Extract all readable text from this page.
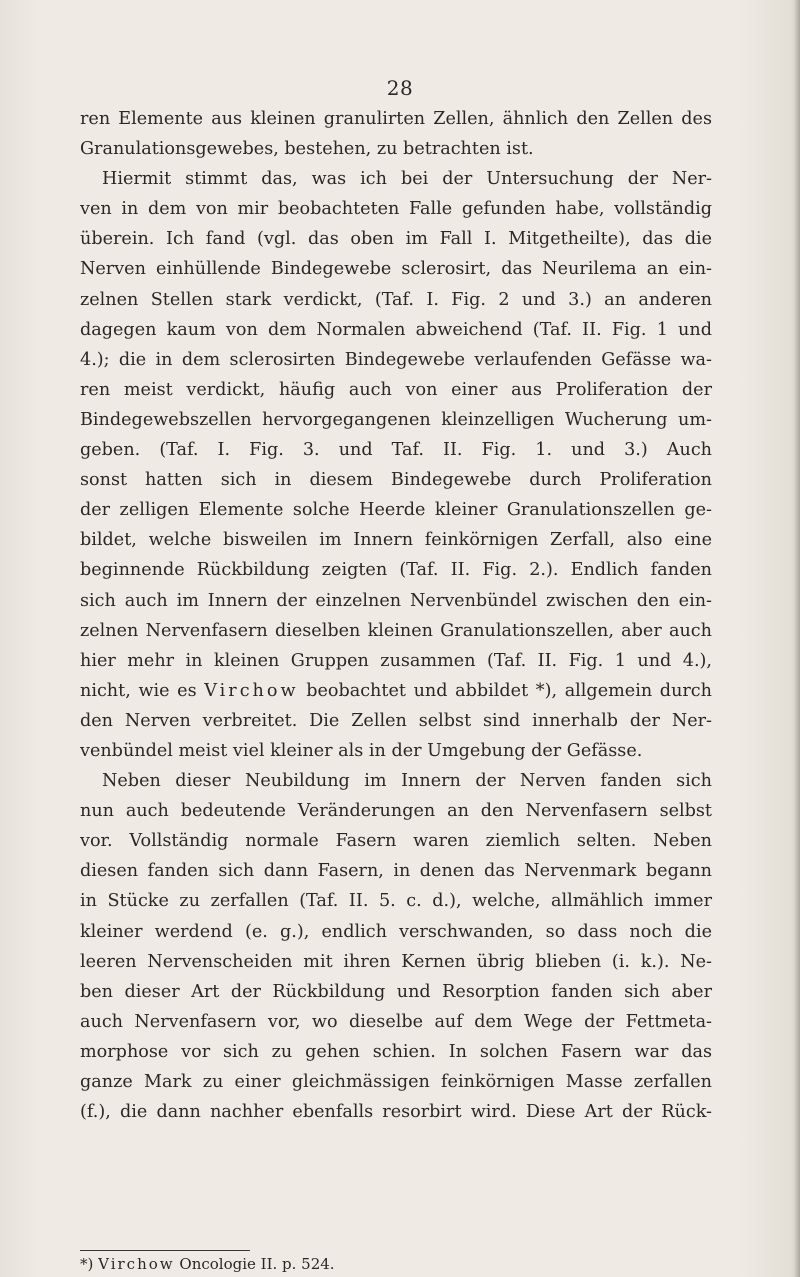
28
ren Elemente aus kleinen granulirten Zellen, ähnlich den Zellen des
Granulationsgewebes, bestehen, zu betrachten ist.
Hiermit stimmt das, was ich bei der Untersuchung der Ner-
ven in dem von mir beobachteten Falle gefunden habe, vollständig
überein. Ich fand (vgl. das oben im Fall I. Mitgetheilte), das die
Nerven einhüllende Bindegewebe sclerosirt, das Neurilema an ein-
zelnen Stellen stark verdickt, (Taf. I. Fig. 2 und 3.) an anderen
dagegen kaum von dem Normalen abweichend (Taf. II. Fig. 1 und
4.); die in dem sclerosirten Bindegewebe verlaufenden Gefässe wa-
ren meist verdickt, häufig auch von einer aus Proliferation der
Bindegewebszellen hervorgegangenen kleinzelligen Wucherung um-
geben. (Taf. I. Fig. 3. und Taf. II. Fig. 1. und 3.) Auch
sonst hatten sich in diesem Bindegewebe durch Proliferation
der zelligen Elemente solche Heerde kleiner Granulationszellen ge-
bildet, welche bisweilen im Innern feinkörnigen Zerfall, also eine
beginnende Rückbildung zeigten (Taf. II. Fig. 2.). Endlich fanden
sich auch im Innern der einzelnen Nervenbündel zwischen den ein-
zelnen Nervenfasern dieselben kleinen Granulationszellen, aber auch
hier mehr in kleinen Gruppen zusammen (Taf. II. Fig. 1 und 4.),
nicht, wie es Virchow beobachtet und abbildet *), allgemein durch
den Nerven verbreitet. Die Zellen selbst sind innerhalb der Ner-
venbündel meist viel kleiner als in der Umgebung der Gefässe.
Neben dieser Neubildung im Innern der Nerven fanden sich
nun auch bedeutende Veränderungen an den Nervenfasern selbst
vor. Vollständig normale Fasern waren ziemlich selten. Neben
diesen fanden sich dann Fasern, in denen das Nervenmark begann
in Stücke zu zerfallen (Taf. II. 5. c. d.), welche, allmählich immer
kleiner werdend (e. g.), endlich verschwanden, so dass noch die
leeren Nervenscheiden mit ihren Kernen übrig blieben (i. k.). Ne-
ben dieser Art der Rückbildung und Resorption fanden sich aber
auch Nervenfasern vor, wo dieselbe auf dem Wege der Fettmeta-
morphose vor sich zu gehen schien. In solchen Fasern war das
ganze Mark zu einer gleichmässigen feinkörnigen Masse zerfallen
(f.), die dann nachher ebenfalls resorbirt wird. Diese Art der Rück-
*) Virchow Oncologie II. p. 524.
